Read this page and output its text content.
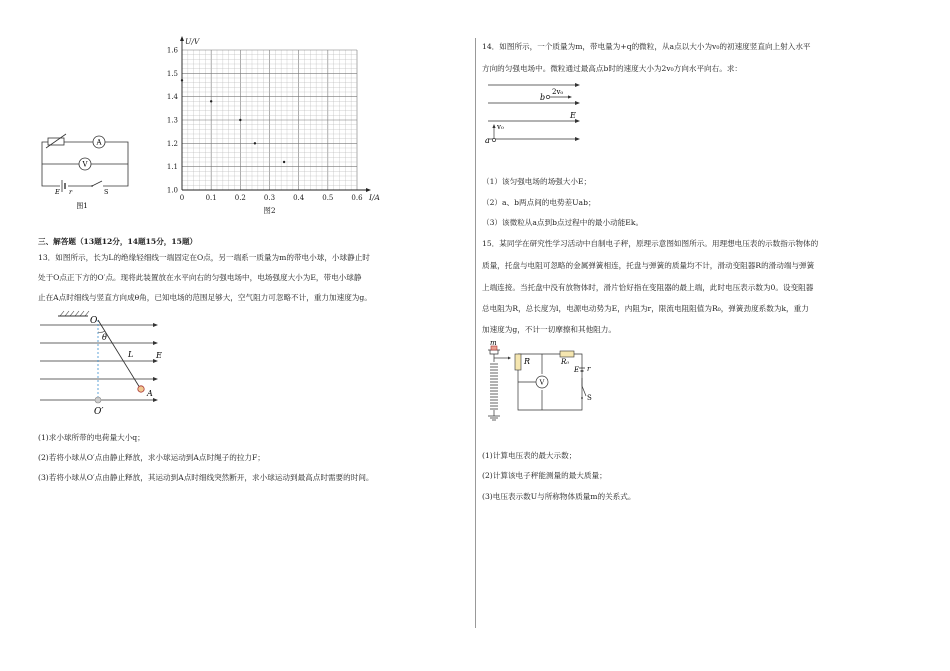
A
V
E r	S
图1
1.6
1.5
1.4
1.3
1.2
1.1
1.0
0	0.1	0.2	0.3	0.4	0.5	0.6
U/V
I/A
图2
三、解答题（13题12分，14题15分，15题）
13．如图所示，长为L的绝缘轻细线一端固定在O点，另一端系一质量为m的带电小球，小球静止时
处于O点正下方的O′点。现将此装置放在水平向右的匀强电场中，电场强度大小为E，带电小球静
止在A点时细线与竖直方向成θ角，已知电场的范围足够大，空气阻力可忽略不计，重力加速度为g。
O
θ
L	E
A
O′
(1)求小球所带的电荷量大小q；
(2)若将小球从O′点由静止释放，求小球运动到A点时绳子的拉力F；
(3)若将小球从O′点由静止释放，其运动到A点时细线突然断开，求小球运动到最高点时需要的时间。
14．如图所示，一个质量为m，带电量为+q的微粒，从a点以大小为v₀的初速度竖直向上射入水平
方向的匀强电场中。微粒通过最高点b时的速度大小为2v₀方向水平向右。求：
b
2v₀
E
v₀
a
（1）该匀强电场的场强大小E；
（2）a、b两点间的电势差Uab；
（3）该微粒从a点到b点过程中的最小动能Ek。
15．某同学在研究性学习活动中自制电子秤，原理示意图如图所示。用理想电压表的示数指示物体的
质量，托盘与电阻可忽略的金属弹簧相连，托盘与弹簧的质量均不计，滑动变阻器R的滑动端与弹簧
上端连接。当托盘中没有放物体时，滑片恰好指在变阻器的最上端，此时电压表示数为0。设变阻器
总电阻为R，总长度为l，电源电动势为E，内阻为r，限流电阻阻值为R₀，弹簧劲度系数为k，重力
加速度为g，不计一切摩擦和其他阻力。
m
R	R₀
V
E r
S
(1)计算电压表的最大示数；
(2)计算该电子秤能测量的最大质量；
(3)电压表示数U与所称物体质量m的关系式。
